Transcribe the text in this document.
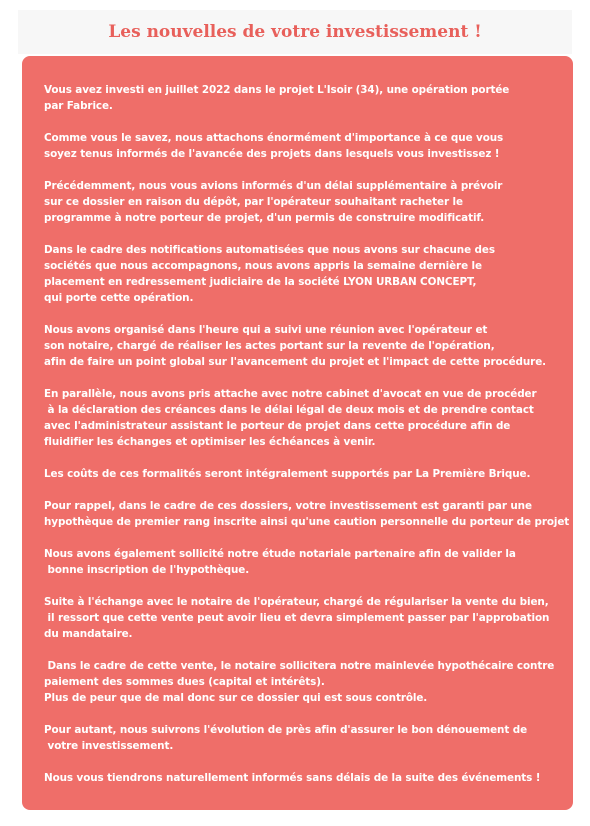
Les nouvelles de votre investissement !
Vous avez investi en juillet 2022 dans le projet L'Isoir (34), une opération portée
par Fabrice.
Comme vous le savez, nous attachons énormément d'importance à ce que vous
soyez tenus informés de l'avancée des projets dans lesquels vous investissez !
Précédemment, nous vous avions informés d'un délai supplémentaire à prévoir
sur ce dossier en raison du dépôt, par l'opérateur souhaitant racheter le
programme à notre porteur de projet, d'un permis de construire modificatif.
Dans le cadre des notifications automatisées que nous avons sur chacune des
sociétés que nous accompagnons, nous avons appris la semaine dernière le
placement en redressement judiciaire de la société LYON URBAN CONCEPT,
qui porte cette opération.
Nous avons organisé dans l'heure qui a suivi une réunion avec l'opérateur et
son notaire, chargé de réaliser les actes portant sur la revente de l'opération,
afin de faire un point global sur l'avancement du projet et l'impact de cette procédure.
En parallèle, nous avons pris attache avec notre cabinet d'avocat en vue de procéder
à la déclaration des créances dans le délai légal de deux mois et de prendre contact
avec l'administrateur assistant le porteur de projet dans cette procédure afin de
fluidifier les échanges et optimiser les échéances à venir.
Les coûts de ces formalités seront intégralement supportés par La Première Brique.
Pour rappel, dans le cadre de ces dossiers, votre investissement est garanti par une
hypothèque de premier rang inscrite ainsi qu'une caution personnelle du porteur de projet
Nous avons également sollicité notre étude notariale partenaire afin de valider la
bonne inscription de l'hypothèque.
Suite à l'échange avec le notaire de l'opérateur, chargé de régulariser la vente du bien,
il ressort que cette vente peut avoir lieu et devra simplement passer par l'approbation
du mandataire.
Dans le cadre de cette vente, le notaire sollicitera notre mainlevée hypothécaire contre
paiement des sommes dues (capital et intérêts).
Plus de peur que de mal donc sur ce dossier qui est sous contrôle.
Pour autant, nous suivrons l'évolution de près afin d'assurer le bon dénouement de
votre investissement.
Nous vous tiendrons naturellement informés sans délais de la suite des événements !
